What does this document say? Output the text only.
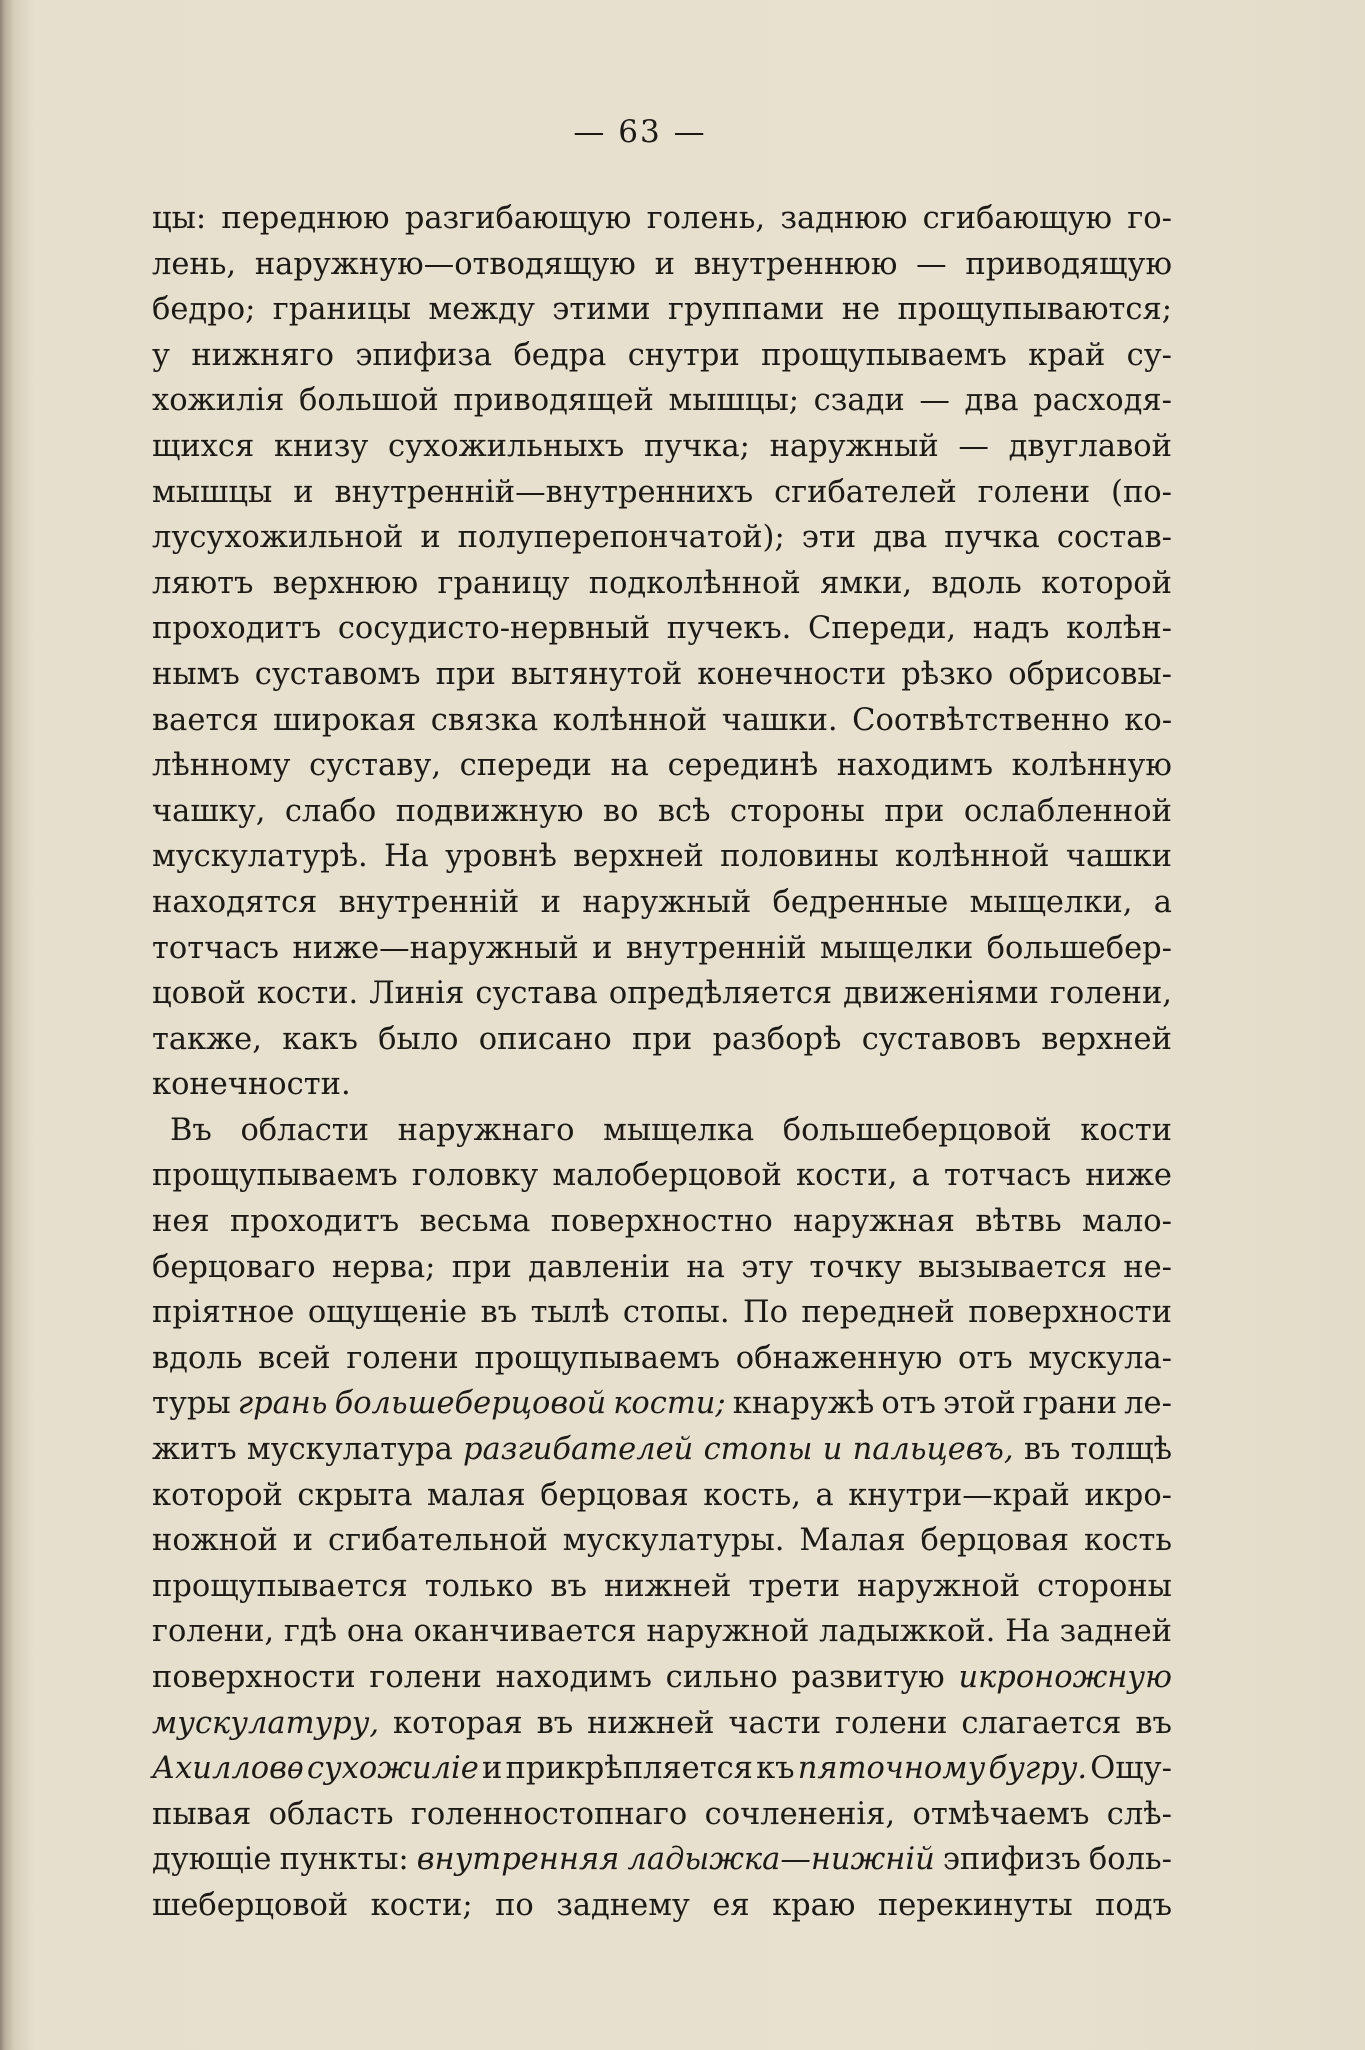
— 63 —
цы: переднюю разгибающую голень, заднюю сгибающую го-
лень, наружную—отводящую и внутреннюю — приводящую
бедро; границы между этими группами не прощупываются;
у нижняго эпифиза бедра снутри прощупываемъ край су-
хожилія большой приводящей мышцы; сзади — два расходя-
щихся книзу сухожильныхъ пучка; наружный — двуглавой
мышцы и внутренній—внутреннихъ сгибателей голени (по-
лусухожильной и полуперепончатой); эти два пучка состав-
ляютъ верхнюю границу подколѣнной ямки, вдоль которой
проходитъ сосудисто-нервный пучекъ. Спереди, надъ колѣн-
нымъ суставомъ при вытянутой конечности рѣзко обрисовы-
вается широкая связка колѣнной чашки. Соотвѣтственно ко-
лѣнному суставу, спереди на серединѣ находимъ колѣнную
чашку, слабо подвижную во всѣ стороны при ослабленной
мускулатурѣ. На уровнѣ верхней половины колѣнной чашки
находятся внутренній и наружный бедренные мыщелки, а
тотчасъ ниже—наружный и внутренній мыщелки большебер-
цовой кости. Линія сустава опредѣляется движеніями голени,
также, какъ было описано при разборѣ суставовъ верхней
конечности.
Въ области наружнаго мыщелка большеберцовой кости
прощупываемъ головку малоберцовой кости, а тотчасъ ниже
нея проходитъ весьма поверхностно наружная вѣтвь мало-
берцоваго нерва; при давленіи на эту точку вызывается не-
пріятное ощущеніе въ тылѣ стопы. По передней поверхности
вдоль всей голени прощупываемъ обнаженную отъ мускула-
туры грань большеберцовой кости; кнаружѣ отъ этой грани ле-
житъ мускулатура разгибателей стопы и пальцевъ, въ толщѣ
которой скрыта малая берцовая кость, а кнутри—край икро-
ножной и сгибательной мускулатуры. Малая берцовая кость
прощупывается только въ нижней трети наружной стороны
голени, гдѣ она оканчивается наружной ладыжкой. На задней
поверхности голени находимъ сильно развитую икроножную
мускулатуру, которая въ нижней части голени слагается въ
Ахилловѳ сухожиліе и прикрѣпляется къ пяточному бугру. Ощу-
пывая область голенностопнаго сочлененія, отмѣчаемъ слѣ-
дующіе пункты: внутренняя ладыжка—нижній эпифизъ боль-
шеберцовой кости; по заднему ея краю перекинуты подъ
